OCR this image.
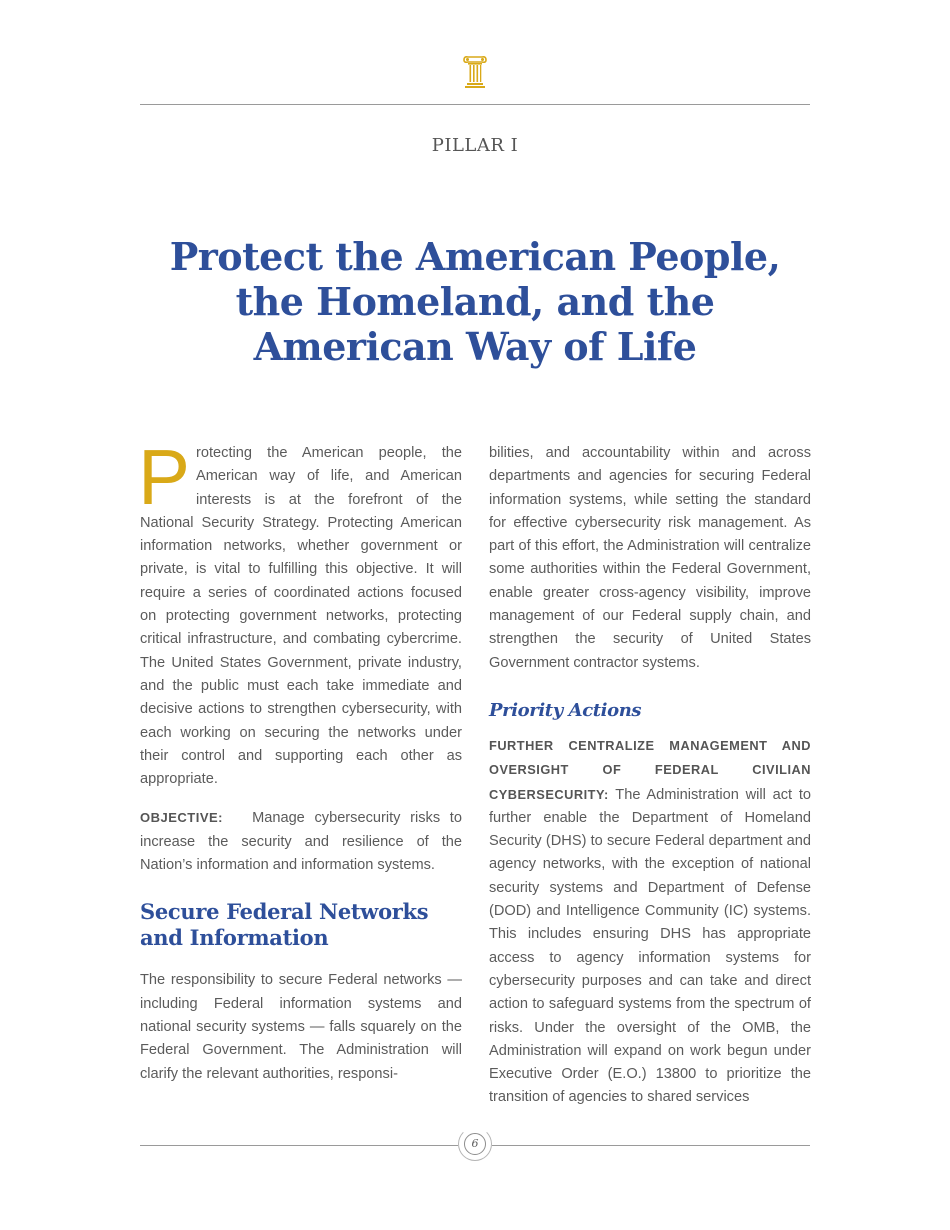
PILLAR I
Protect the American People,
the Homeland, and the
American Way of Life

Protecting the American people, the American way of life, and American interests is at the forefront of the National Security Strategy. Protecting American information networks, whether government or private, is vital to fulfilling this objective. It will require a series of coordinated actions focused on protecting government networks, protecting critical infrastructure, and combating cybercrime. The United States Government, private industry, and the public must each take immediate and decisive actions to strengthen cybersecurity, with each working on securing the networks under their control and supporting each other as appropriate.

OBJECTIVE: Manage cybersecurity risks to increase the security and resilience of the Nation’s information and information systems.

Secure Federal Networks and Information

The responsibility to secure Federal networks — including Federal information systems and national security systems — falls squarely on the Federal Government. The Administration will clarify the relevant authorities, responsi-

bilities, and accountability within and across departments and agencies for securing Federal information systems, while setting the standard for effective cybersecurity risk management. As part of this effort, the Administration will centralize some authorities within the Federal Government, enable greater cross-agency visibility, improve management of our Federal supply chain, and strengthen the security of United States Government contractor systems.

Priority Actions

FURTHER CENTRALIZE MANAGEMENT AND OVERSIGHT OF FEDERAL CIVILIAN CYBERSECURITY: The Administration will act to further enable the Department of Homeland Security (DHS) to secure Federal department and agency networks, with the exception of national security systems and Department of Defense (DOD) and Intelligence Community (IC) systems. This includes ensuring DHS has appropriate access to agency information systems for cybersecurity purposes and can take and direct action to safeguard systems from the spectrum of risks. Under the oversight of the OMB, the Administration will expand on work begun under Executive Order (E.O.) 13800 to prioritize the transition of agencies to shared services

6
